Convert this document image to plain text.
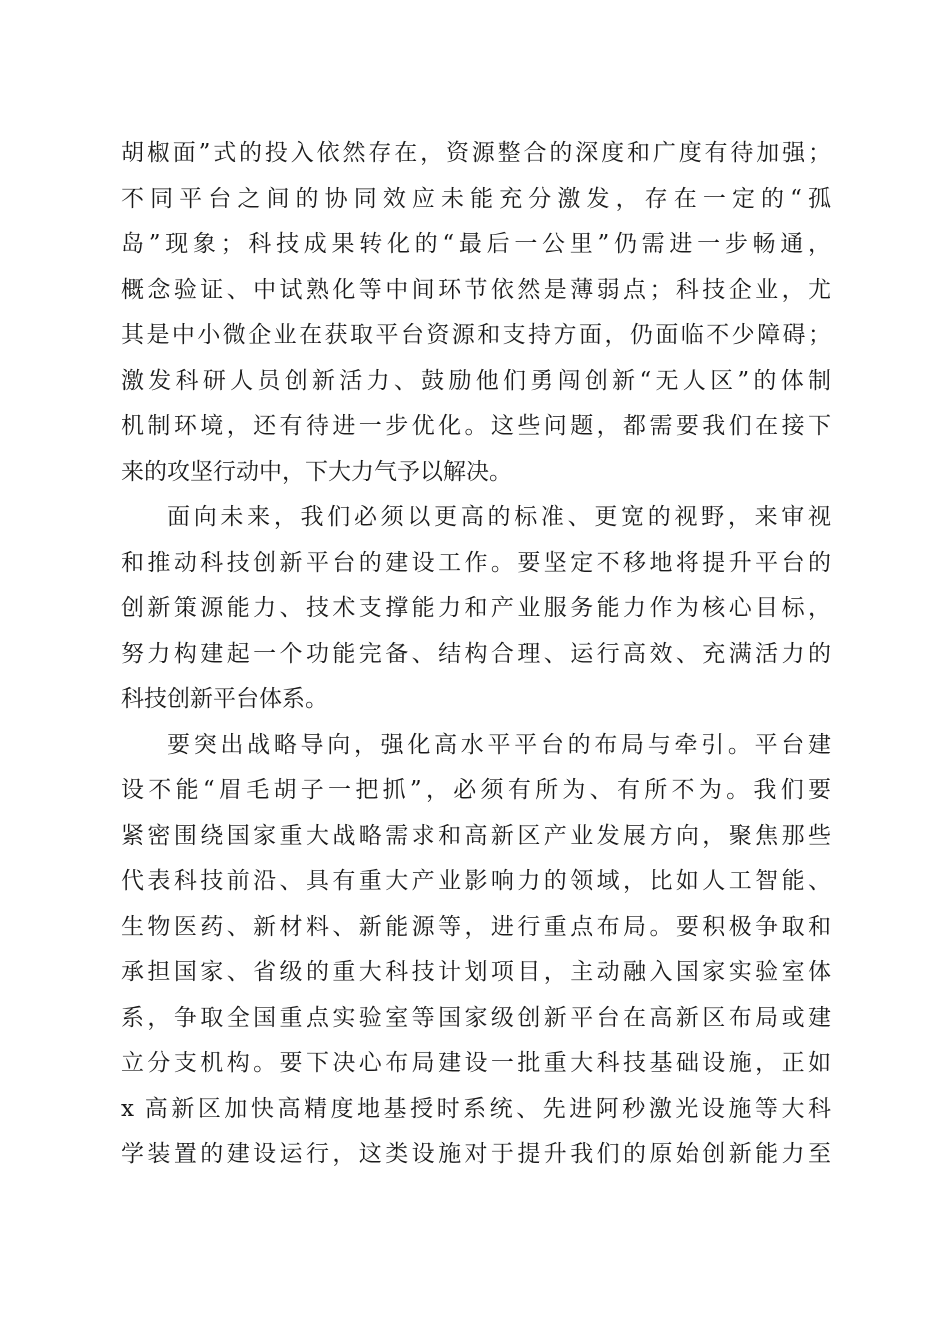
胡椒面”式的投入依然存在，资源整合的深度和广度有待加强；
不同平台之间的协同效应未能充分激发，存在一定的“孤
岛”现象；科技成果转化的“最后一公里”仍需进一步畅通，
概念验证、中试熟化等中间环节依然是薄弱点；科技企业，尤
其是中小微企业在获取平台资源和支持方面，仍面临不少障碍；
激发科研人员创新活力、鼓励他们勇闯创新“无人区”的体制
机制环境，还有待进一步优化。这些问题，都需要我们在接下
来的攻坚行动中，下大力气予以解决。
面向未来，我们必须以更高的标准、更宽的视野，来审视
和推动科技创新平台的建设工作。要坚定不移地将提升平台的
创新策源能力、技术支撑能力和产业服务能力作为核心目标，
努力构建起一个功能完备、结构合理、运行高效、充满活力的
科技创新平台体系。
要突出战略导向，强化高水平平台的布局与牵引。平台建
设不能“眉毛胡子一把抓”，必须有所为、有所不为。我们要
紧密围绕国家重大战略需求和高新区产业发展方向，聚焦那些
代表科技前沿、具有重大产业影响力的领域，比如人工智能、
生物医药、新材料、新能源等，进行重点布局。要积极争取和
承担国家、省级的重大科技计划项目，主动融入国家实验室体
系，争取全国重点实验室等国家级创新平台在高新区布局或建
立分支机构。要下决心布局建设一批重大科技基础设施，正如
x 高新区加快高精度地基授时系统、先进阿秒激光设施等大科
学装置的建设运行，这类设施对于提升我们的原始创新能力至
